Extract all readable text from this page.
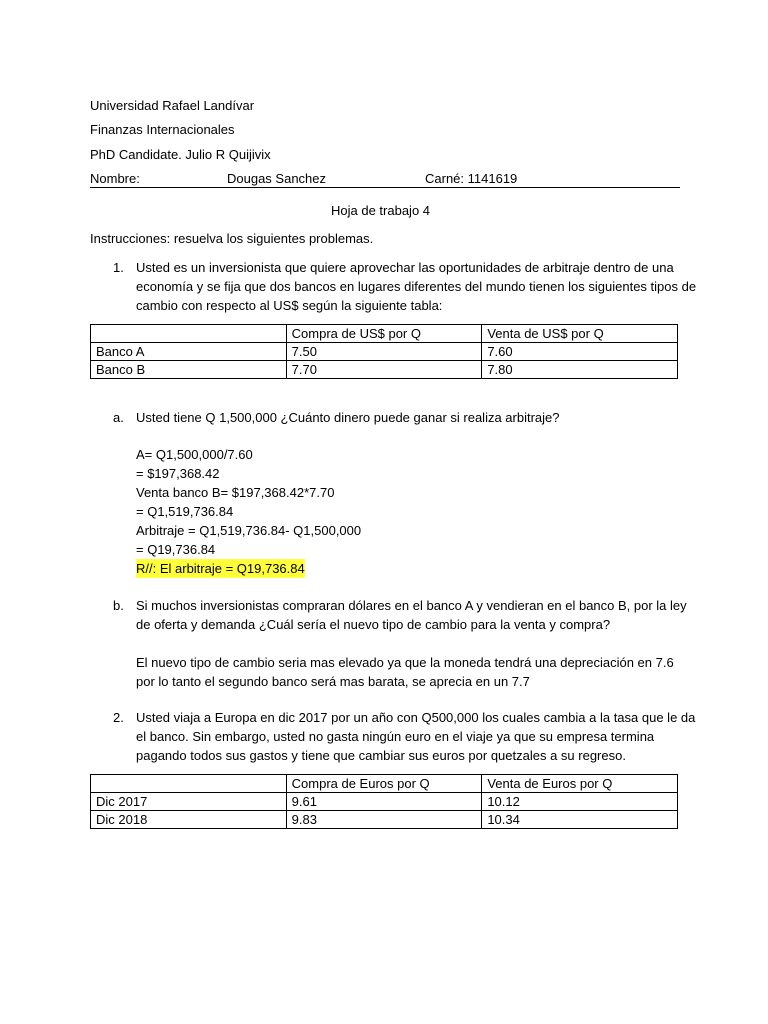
Universidad Rafael Landívar
Finanzas Internacionales
PhD Candidate. Julio R Quijivix
Nombre:	Dougas Sanchez	Carné: 1141619
Hoja de trabajo 4
Instrucciones: resuelva los siguientes problemas.
1. Usted es un inversionista que quiere aprovechar las oportunidades de arbitraje dentro de una
economía y se fija que dos bancos en lugares diferentes del mundo tienen los siguientes tipos de
cambio con respecto al US$ según la siguiente tabla:
	Compra de US$ por Q	Venta de US$ por Q
Banco A	7.50	7.60
Banco B	7.70	7.80
a. Usted tiene Q 1,500,000 ¿Cuánto dinero puede ganar si realiza arbitraje?
A= Q1,500,000/7.60
= $197,368.42
Venta banco B= $197,368.42*7.70
= Q1,519,736.84
Arbitraje = Q1,519,736.84- Q1,500,000
= Q19,736.84
R//: El arbitraje = Q19,736.84
b. Si muchos inversionistas compraran dólares en el banco A y vendieran en el banco B, por la ley
de oferta y demanda ¿Cuál sería el nuevo tipo de cambio para la venta y compra?
El nuevo tipo de cambio seria mas elevado ya que la moneda tendrá una depreciación en 7.6
por lo tanto el segundo banco será mas barata, se aprecia en un 7.7
2. Usted viaja a Europa en dic 2017 por un año con Q500,000 los cuales cambia a la tasa que le da
el banco. Sin embargo, usted no gasta ningún euro en el viaje ya que su empresa termina
pagando todos sus gastos y tiene que cambiar sus euros por quetzales a su regreso.
	Compra de Euros por Q	Venta de Euros por Q
Dic 2017	9.61	10.12
Dic 2018	9.83	10.34
